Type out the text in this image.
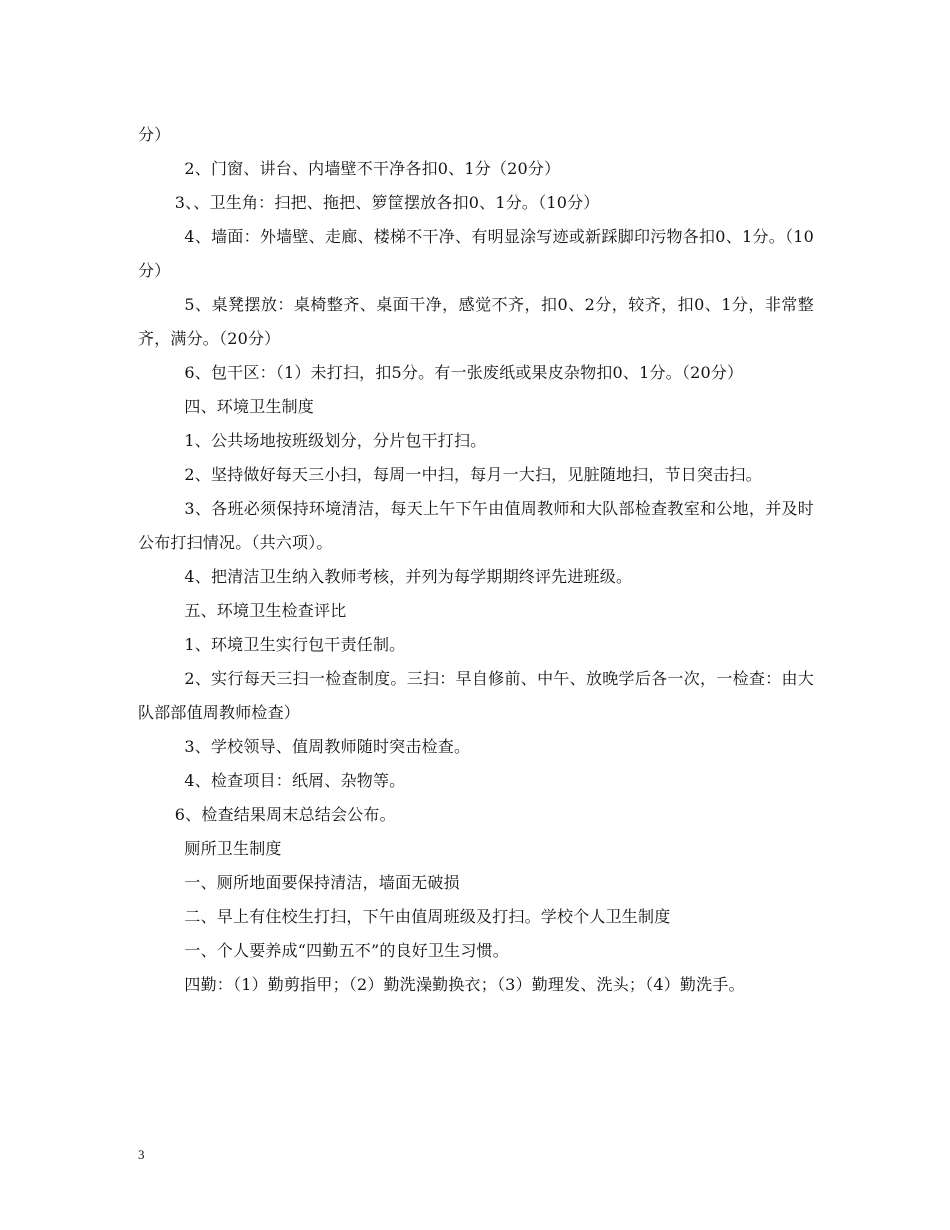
分）

2、门窗、讲台、内墙壁不干净各扣0、1分（20分）

3、、卫生角：扫把、拖把、箩筐摆放各扣0、1分。（10分）

4、墙面：外墙壁、走廊、楼梯不干净、有明显涂写迹或新踩脚印污物各扣0、1分。（10分）

5、桌凳摆放：桌椅整齐、桌面干净，感觉不齐，扣0、2分，较齐，扣0、1分，非常整齐，满分。（20分）

6、包干区：（1）未打扫，扣5分。有一张废纸或果皮杂物扣0、1分。（20分）

四、环境卫生制度

1、公共场地按班级划分，分片包干打扫。

2、坚持做好每天三小扫，每周一中扫，每月一大扫，见脏随地扫，节日突击扫。

3、各班必须保持环境清洁，每天上午下午由值周教师和大队部检查教室和公地，并及时公布打扫情况。（共六项）。

4、把清洁卫生纳入教师考核，并列为每学期期终评先进班级。

五、环境卫生检查评比

1、环境卫生实行包干责任制。

2、实行每天三扫一检查制度。三扫：早自修前、中午、放晚学后各一次，一检查：由大队部部值周教师检查）

3、学校领导、值周教师随时突击检查。

4、检查项目：纸屑、杂物等。

6、检查结果周末总结会公布。

厕所卫生制度

一、厕所地面要保持清洁，墙面无破损

二、早上有住校生打扫，下午由值周班级及打扫。学校个人卫生制度

一、个人要养成“四勤五不”的良好卫生习惯。

四勤：（1）勤剪指甲；（2）勤洗澡勤换衣；（3）勤理发、洗头；（4）勤洗手。

3
